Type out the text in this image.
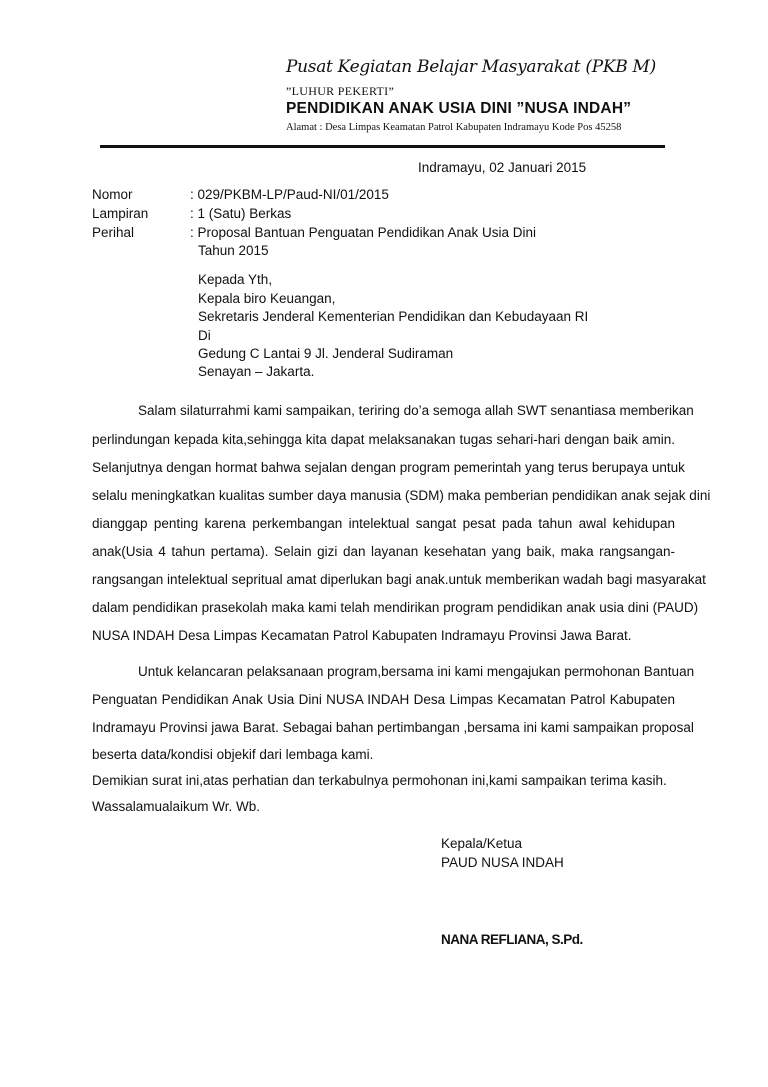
Pusat Kegiatan Belajar Masyarakat (PKB M)
”LUHUR PEKERTI”
PENDIDIKAN ANAK USIA DINI ”NUSA INDAH”
Alamat : Desa Limpas Keamatan Patrol Kabupaten Indramayu Kode Pos 45258
Indramayu, 02 Januari 2015
Nomor	: 029/PKBM-LP/Paud-NI/01/2015
Lampiran	: 1 (Satu) Berkas
Perihal	: Proposal Bantuan Penguatan Pendidikan Anak Usia Dini
Tahun 2015
Kepada Yth,
Kepala biro Keuangan,
Sekretaris Jenderal Kementerian Pendidikan dan Kebudayaan RI
Di
Gedung C Lantai 9 Jl. Jenderal Sudiraman
Senayan – Jakarta.
Salam silaturrahmi kami sampaikan, teriring do’a semoga allah SWT senantiasa memberikan
perlindungan kepada kita,sehingga kita dapat melaksanakan tugas sehari-hari dengan baik amin.
Selanjutnya dengan hormat bahwa sejalan dengan program pemerintah yang terus berupaya untuk
selalu meningkatkan kualitas sumber daya manusia (SDM) maka pemberian pendidikan anak sejak dini
dianggap penting karena perkembangan intelektual sangat pesat pada tahun awal kehidupan
anak(Usia 4 tahun pertama). Selain gizi dan layanan kesehatan yang baik, maka rangsangan-
rangsangan intelektual sepritual amat diperlukan bagi anak.untuk memberikan wadah bagi masyarakat
dalam pendidikan prasekolah maka kami telah mendirikan program pendidikan anak usia dini (PAUD)
NUSA INDAH Desa Limpas Kecamatan Patrol Kabupaten Indramayu Provinsi Jawa Barat.
Untuk kelancaran pelaksanaan program,bersama ini kami mengajukan permohonan Bantuan
Penguatan Pendidikan Anak Usia Dini NUSA INDAH Desa Limpas Kecamatan Patrol Kabupaten
Indramayu Provinsi jawa Barat. Sebagai bahan pertimbangan ,bersama ini kami sampaikan proposal
beserta data/kondisi objekif dari lembaga kami.
Demikian surat ini,atas perhatian dan terkabulnya permohonan ini,kami sampaikan terima kasih.
Wassalamualaikum Wr. Wb.
Kepala/Ketua
PAUD NUSA INDAH
NANA REFLIANA, S.Pd.
